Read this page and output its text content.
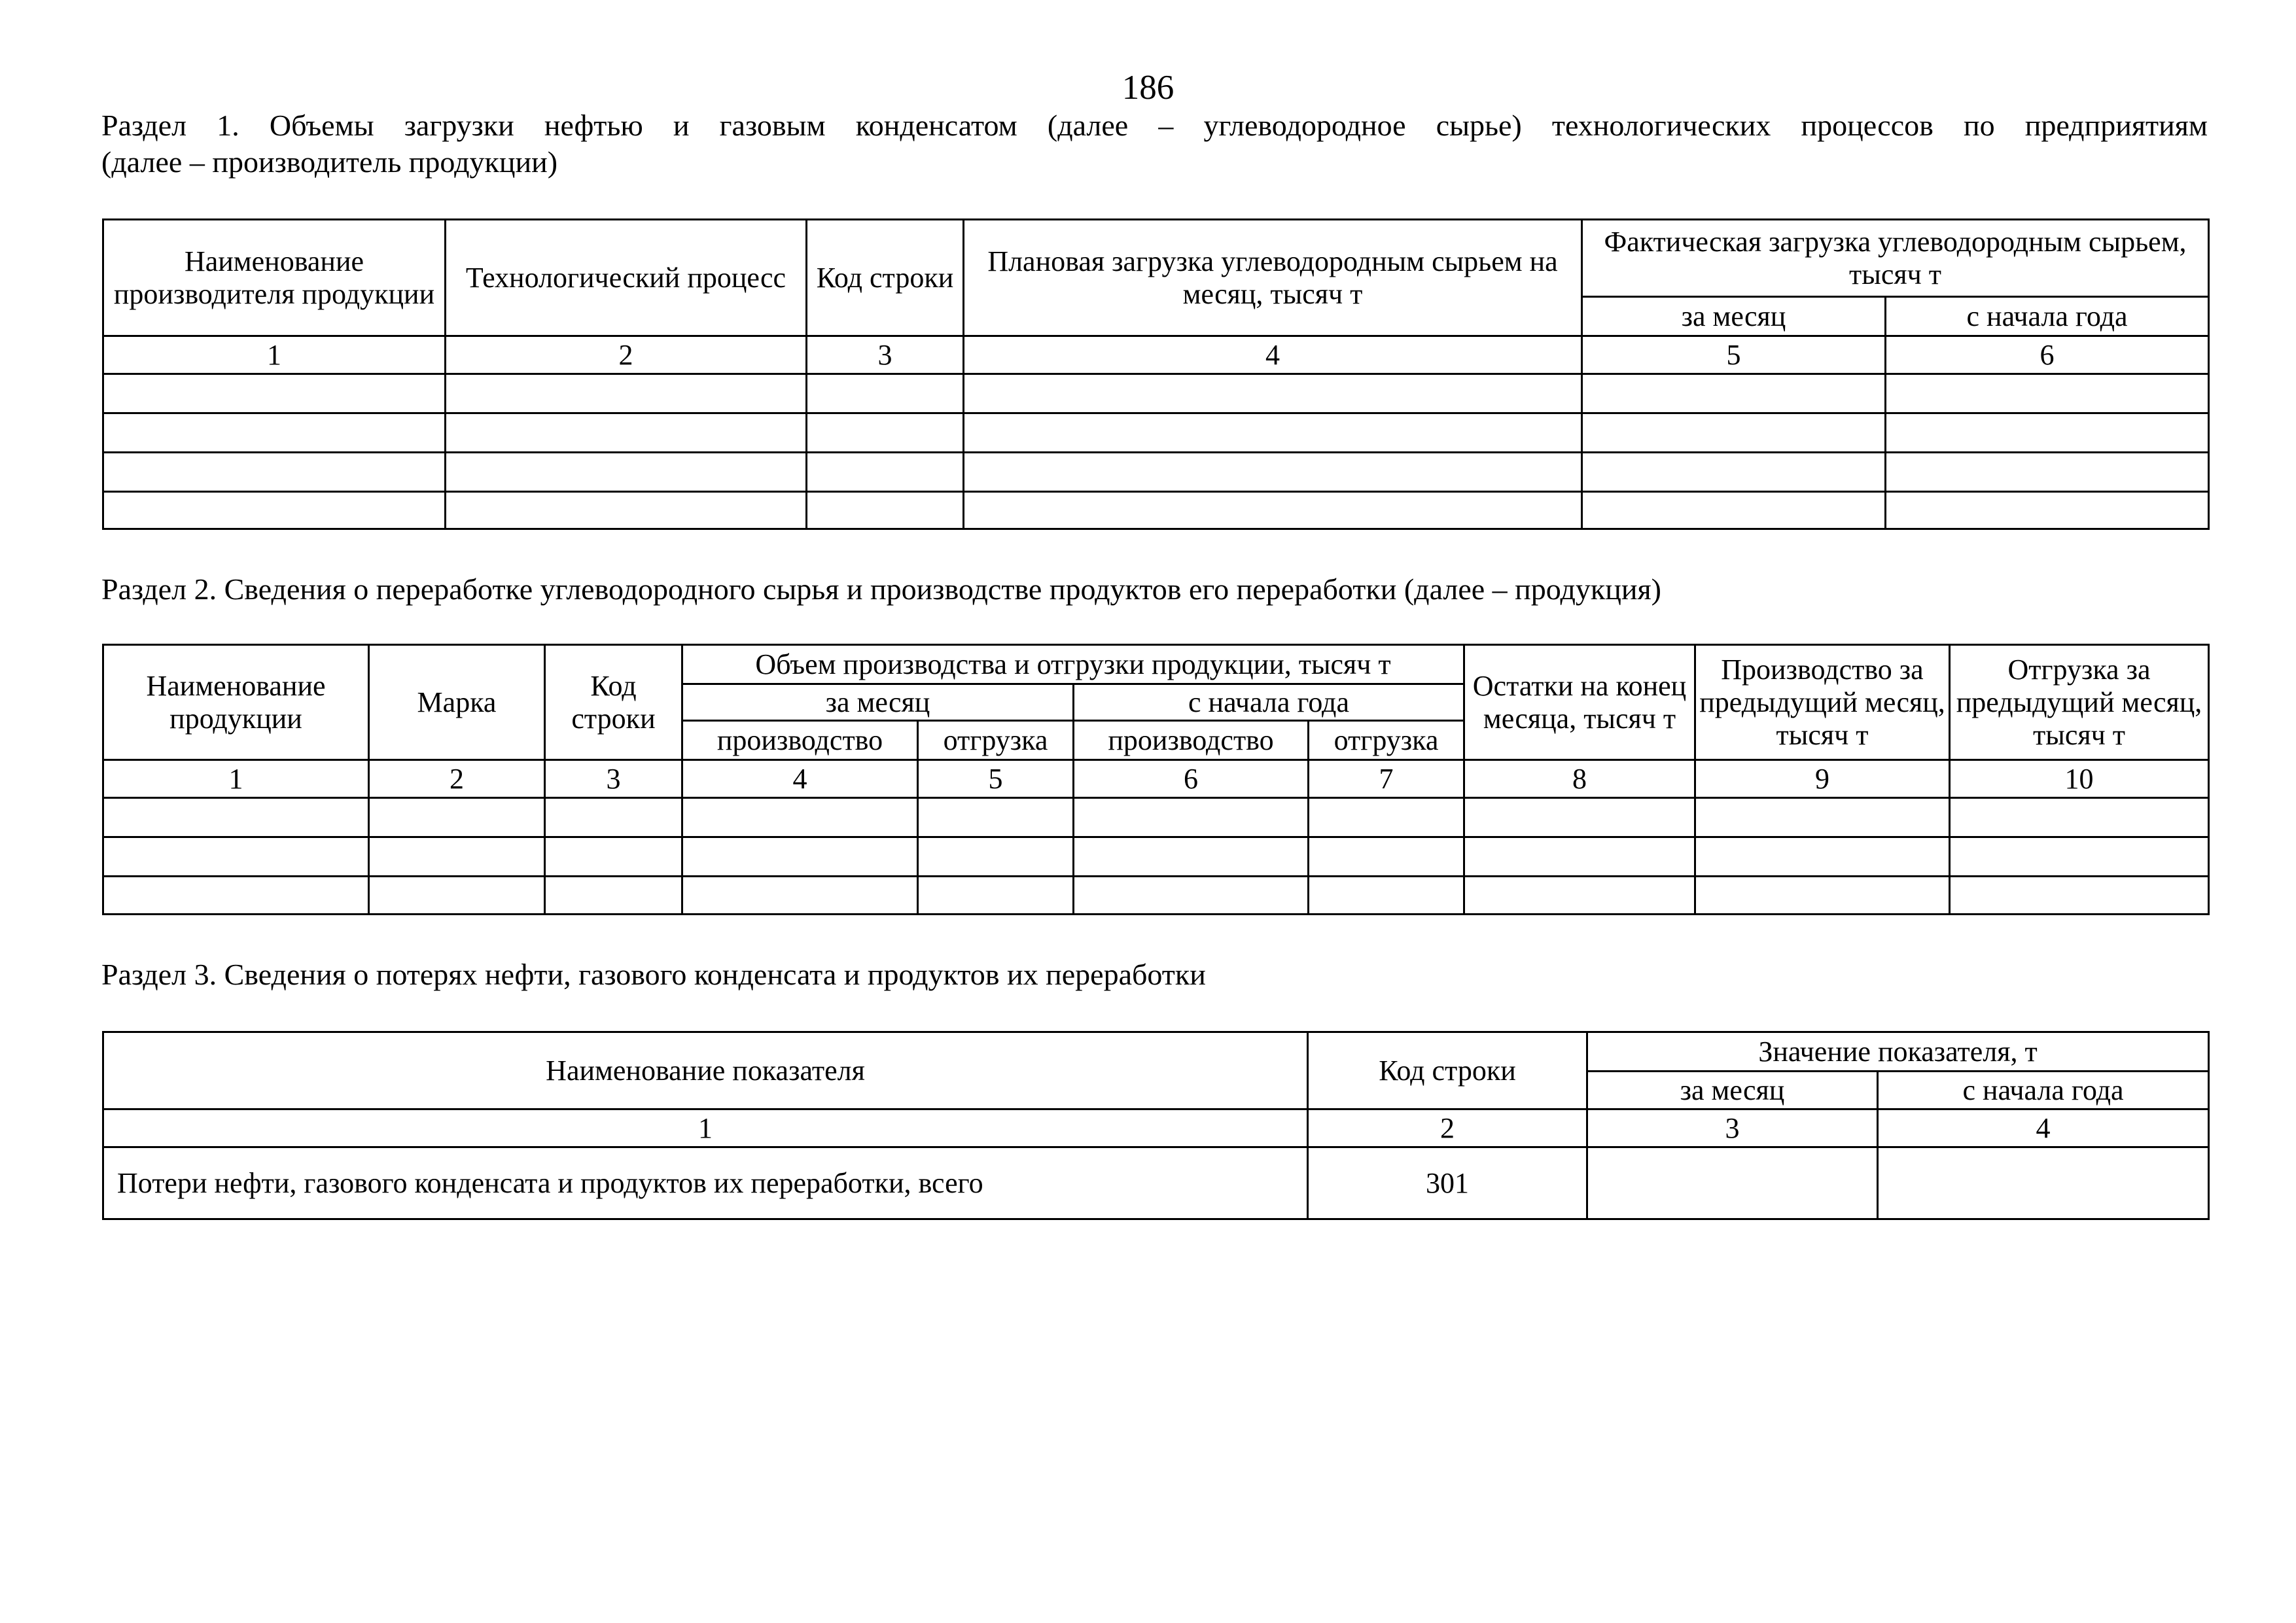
186
Раздел 1. Объемы загрузки нефтью и газовым конденсатом (далее – углеводородное сырье) технологических процессов по предприятиям
(далее – производитель продукции)
Наименование производителя продукции	Технологический процесс	Код строки	Плановая загрузка углеводородным сырьем на месяц, тысяч т	Фактическая загрузка углеводородным сырьем, тысяч т	
				за месяц	с начала года
1	2	3	4	5	6

Раздел 2. Сведения о переработке углеводородного сырья и производстве продуктов его переработки (далее – продукция)
Наименование продукции	Марка	Код строки	Объем производства и отгрузки продукции, тысяч т				Остатки на конец месяца, тысяч т	Производство за предыдущий месяц, тысяч т	Отгрузка за предыдущий месяц, тысяч т
			за месяц		с начала года				
			производство	отгрузка	производство	отгрузка			
1	2	3	4	5	6	7	8	9	10

Раздел 3. Сведения о потерях нефти, газового конденсата и продуктов их переработки
Наименование показателя	Код строки	Значение показателя, т	
		за месяц	с начала года
1	2	3	4
Потери нефти, газового конденсата и продуктов их переработки, всего	301		
